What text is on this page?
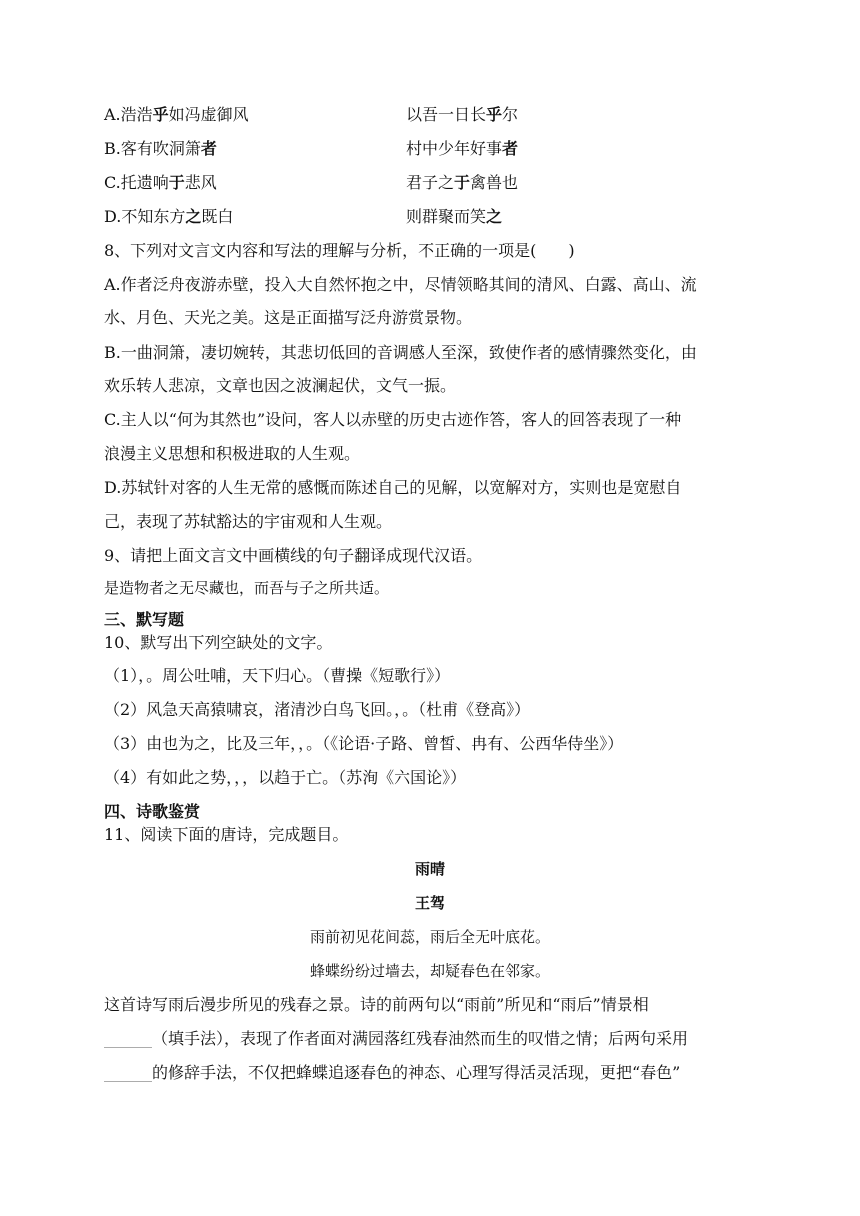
A.浩浩乎如冯虚御风	以吾一日长乎尔
B.客有吹洞箫者	村中少年好事者
C.托遗响于悲风	君子之于禽兽也
D.不知东方之既白	则群聚而笑之
8、下列对文言文内容和写法的理解与分析，不正确的一项是(　　)
A.作者泛舟夜游赤壁，投入大自然怀抱之中，尽情领略其间的清风、白露、高山、流
水、月色、天光之美。这是正面描写泛舟游赏景物。
B.一曲洞箫，凄切婉转，其悲切低回的音调感人至深，致使作者的感情骤然变化，由
欢乐转人悲凉，文章也因之波澜起伏，文气一振。
C.主人以“何为其然也”设问，客人以赤壁的历史古迹作答，客人的回答表现了一种
浪漫主义思想和积极进取的人生观。
D.苏轼针对客的人生无常的感慨而陈述自己的见解，以宽解对方，实则也是宽慰自
己，表现了苏轼豁达的宇宙观和人生观。
9、请把上面文言文中画横线的句子翻译成现代汉语。
是造物者之无尽藏也，而吾与子之所共适。
三、默写题
10、默写出下列空缺处的文字。
（1），。周公吐哺，天下归心。（曹操《短歌行》）
（2）风急天高猿啸哀，渚清沙白鸟飞回。，。（杜甫《登高》）
（3）由也为之，比及三年，，。（《论语·子路、曾皙、冉有、公西华侍坐》）
（4）有如此之势，，，以趋于亡。（苏洵《六国论》）
四、诗歌鉴赏
11、阅读下面的唐诗，完成题目。
雨晴
王驾
雨前初见花间蕊，雨后全无叶底花。
蜂蝶纷纷过墙去，却疑春色在邻家。
这首诗写雨后漫步所见的残春之景。诗的前两句以“雨前”所见和“雨后”情景相
______（填手法），表现了作者面对满园落红残春油然而生的叹惜之情；后两句采用
______的修辞手法，不仅把蜂蝶追逐春色的神态、心理写得活灵活现，更把“春色”
